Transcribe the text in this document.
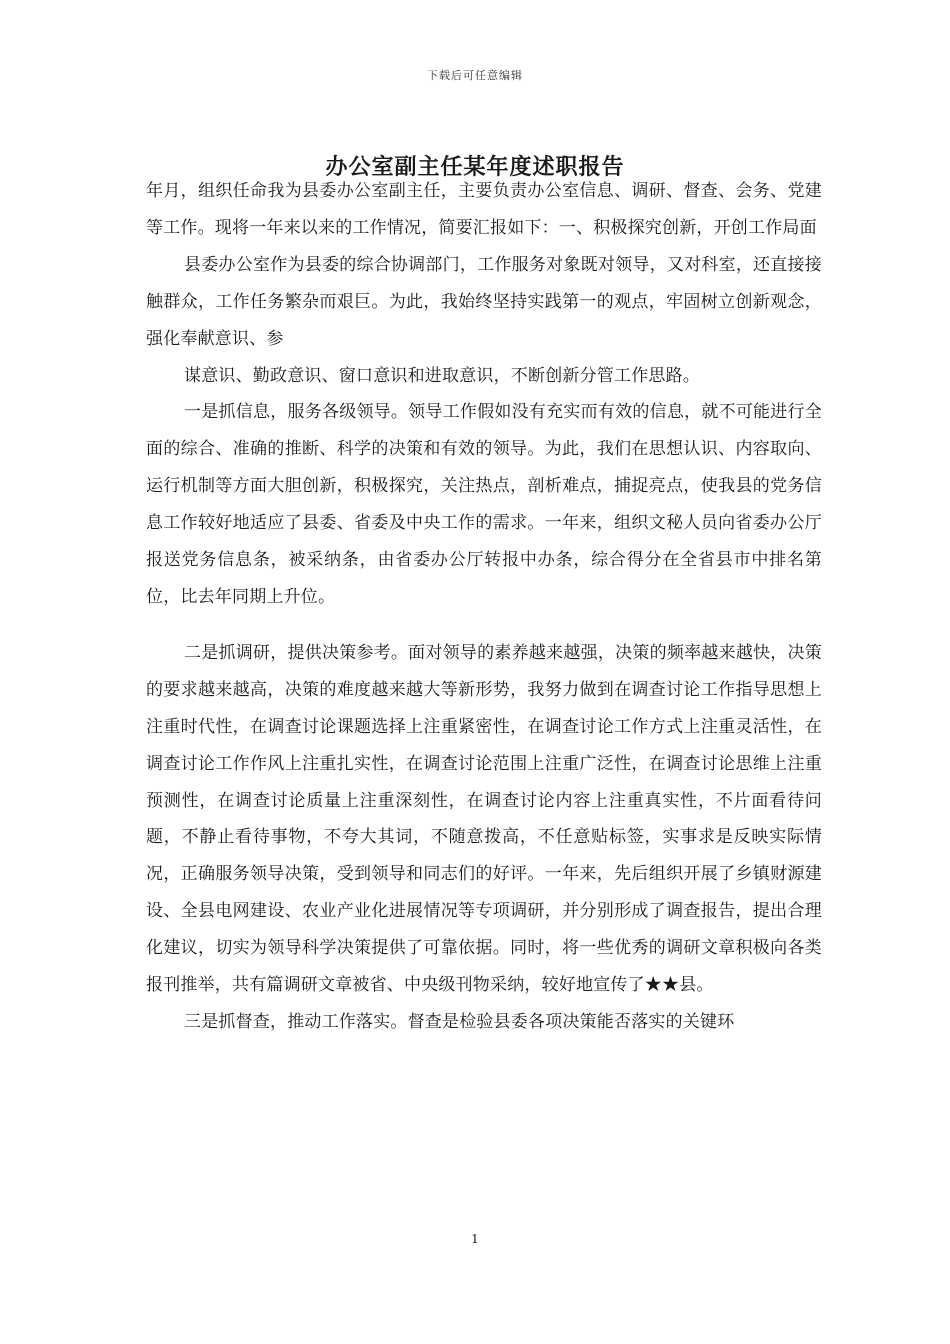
下载后可任意编辑
办公室副主任某年度述职报告

年月，组织任命我为县委办公室副主任，主要负责办公室信息、调研、督查、会务、党建等工作。现将一年来以来的工作情况，简要汇报如下：一、积极探究创新，开创工作局面

县委办公室作为县委的综合协调部门，工作服务对象既对领导，又对科室，还直接接触群众，工作任务繁杂而艰巨。为此，我始终坚持实践第一的观点，牢固树立创新观念，强化奉献意识、参

谋意识、勤政意识、窗口意识和进取意识，不断创新分管工作思路。

一是抓信息，服务各级领导。领导工作假如没有充实而有效的信息，就不可能进行全面的综合、准确的推断、科学的决策和有效的领导。为此，我们在思想认识、内容取向、运行机制等方面大胆创新，积极探究，关注热点，剖析难点，捕捉亮点，使我县的党务信息工作较好地适应了县委、省委及中央工作的需求。一年来，组织文秘人员向省委办公厅报送党务信息条，被采纳条，由省委办公厅转报中办条，综合得分在全省县市中排名第位，比去年同期上升位。

二是抓调研，提供决策参考。面对领导的素养越来越强，决策的频率越来越快，决策的要求越来越高，决策的难度越来越大等新形势，我努力做到在调查讨论工作指导思想上注重时代性，在调查讨论课题选择上注重紧密性，在调查讨论工作方式上注重灵活性，在调查讨论工作作风上注重扎实性，在调查讨论范围上注重广泛性，在调查讨论思维上注重预测性，在调查讨论质量上注重深刻性，在调查讨论内容上注重真实性，不片面看待问题，不静止看待事物，不夸大其词，不随意拨高，不任意贴标签，实事求是反映实际情况，正确服务领导决策，受到领导和同志们的好评。一年来，先后组织开展了乡镇财源建设、全县电网建设、农业产业化进展情况等专项调研，并分别形成了调查报告，提出合理化建议，切实为领导科学决策提供了可靠依据。同时，将一些优秀的调研文章积极向各类报刊推举，共有篇调研文章被省、中央级刊物采纳，较好地宣传了★★县。

三是抓督查，推动工作落实。督查是检验县委各项决策能否落实的关键环

1
